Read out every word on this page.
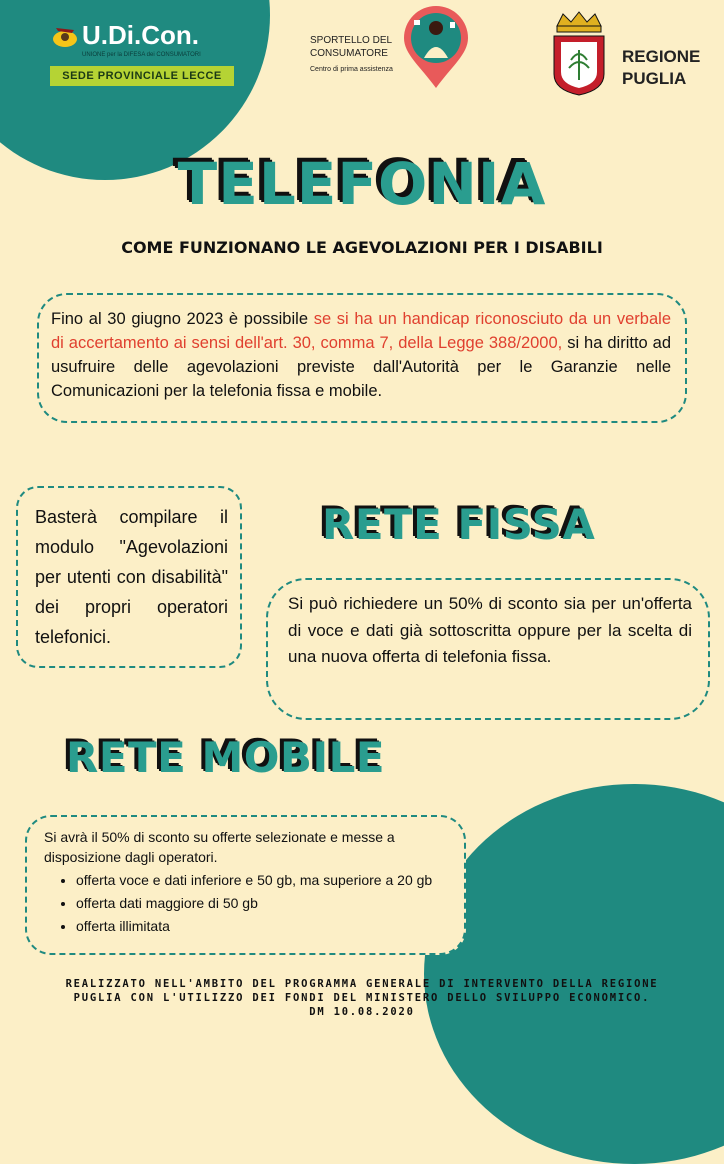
U.Di.Con.
UNIONE per la DIFESA dei CONSUMATORI
SEDE PROVINCIALE LECCE
SPORTELLO DEL
CONSUMATORE
Centro di prima assistenza
REGIONE
PUGLIA
TELEFONIA
COME FUNZIONANO LE AGEVOLAZIONI PER I DISABILI
Fino al 30 giugno 2023 è possibile se si ha un handicap riconosciuto da un verbale di accertamento ai sensi dell'art. 30, comma 7, della Legge 388/2000, si ha diritto ad usufruire delle agevolazioni previste dall'Autorità per le Garanzie nelle Comunicazioni per la telefonia fissa e mobile.
Basterà compilare il modulo "Agevolazioni per utenti con disabilità" dei propri operatori telefonici.
RETE FISSA
Si può richiedere un 50% di sconto sia per un'offerta di voce e dati già sottoscritta oppure per la scelta di una nuova offerta di telefonia fissa.
RETE MOBILE
Si avrà il 50% di sconto su offerte selezionate e messe a disposizione dagli operatori.
• offerta voce e dati inferiore e 50 gb, ma superiore a 20 gb
• offerta dati maggiore di 50 gb
• offerta illimitata
REALIZZATO NELL'AMBITO DEL PROGRAMMA GENERALE DI INTERVENTO DELLA REGIONE
PUGLIA CON L'UTILIZZO DEI FONDI DEL MINISTERO DELLO SVILUPPO ECONOMICO.
DM 10.08.2020
